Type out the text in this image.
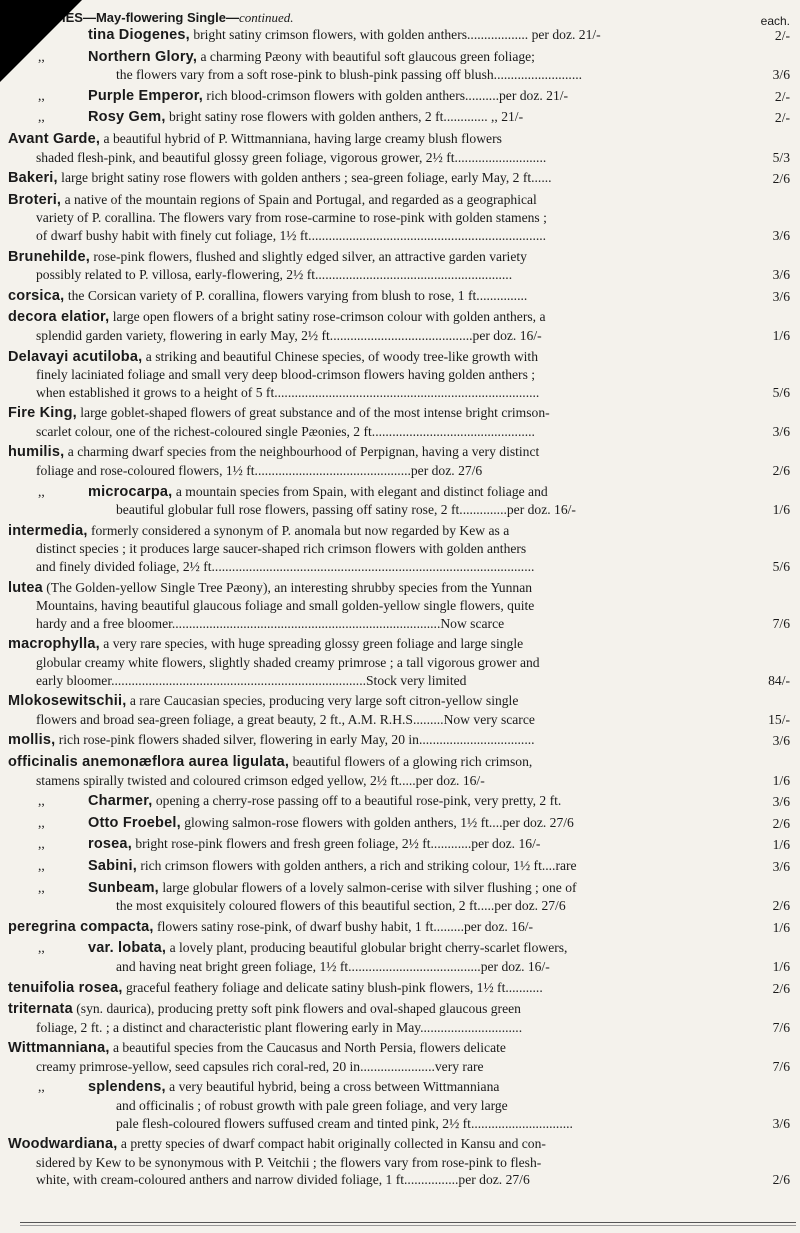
IES—May-flowering Single—continued.	each.
tina Diogenes, bright satiny crimson flowers, with golden anthers.................. per doz. 21/-	2/-
,,	Northern Glory, a charming Pæony with beautiful soft glaucous green foliage;
the flowers vary from a soft rose-pink to blush-pink passing off blush..........................	3/6
,,	Purple Emperor, rich blood-crimson flowers with golden anthers..........per doz. 21/-	2/-
,,	Rosy Gem, bright satiny rose flowers with golden anthers, 2 ft............. ,, 21/-	2/-
Avant Garde, a beautiful hybrid of P. Wittmanniana, having large creamy blush flowers
shaded flesh-pink, and beautiful glossy green foliage, vigorous grower, 2½ ft...........................	5/3
Bakeri, large bright satiny rose flowers with golden anthers ; sea-green foliage, early May, 2 ft......	2/6
Broteri, a native of the mountain regions of Spain and Portugal, and regarded as a geographical
variety of P. corallina. The flowers vary from rose-carmine to rose-pink with golden stamens ;
of dwarf bushy habit with finely cut foliage, 1½ ft......................................................................	3/6
Brunehilde, rose-pink flowers, flushed and slightly edged silver, an attractive garden variety
possibly related to P. villosa, early-flowering, 2½ ft..........................................................	3/6
corsica, the Corsican variety of P. corallina, flowers varying from blush to rose, 1 ft...............	3/6
decora elatior, large open flowers of a bright satiny rose-crimson colour with golden anthers, a
splendid garden variety, flowering in early May, 2½ ft..........................................per doz. 16/-	1/6
Delavayi acutiloba, a striking and beautiful Chinese species, of woody tree-like growth with
finely laciniated foliage and small very deep blood-crimson flowers having golden anthers ;
when established it grows to a height of 5 ft..............................................................................	5/6
Fire King, large goblet-shaped flowers of great substance and of the most intense bright crimson-
scarlet colour, one of the richest-coloured single Pæonies, 2 ft................................................	3/6
humilis, a charming dwarf species from the neighbourhood of Perpignan, having a very distinct
foliage and rose-coloured flowers, 1½ ft..............................................per doz. 27/6	2/6
,,	microcarpa, a mountain species from Spain, with elegant and distinct foliage and
beautiful globular full rose flowers, passing off satiny rose, 2 ft..............per doz. 16/-	1/6
intermedia, formerly considered a synonym of P. anomala but now regarded by Kew as a
distinct species ; it produces large saucer-shaped rich crimson flowers with golden anthers
and finely divided foliage, 2½ ft...............................................................................................	5/6
lutea (The Golden-yellow Single Tree Pæony), an interesting shrubby species from the Yunnan
Mountains, having beautiful glaucous foliage and small golden-yellow single flowers, quite
hardy and a free bloomer...............................................................................Now scarce	7/6
macrophylla, a very rare species, with huge spreading glossy green foliage and large single
globular creamy white flowers, slightly shaded creamy primrose ; a tall vigorous grower and
early bloomer...........................................................................Stock very limited	84/-
Mlokosewitschii, a rare Caucasian species, producing very large soft citron-yellow single
flowers and broad sea-green foliage, a great beauty, 2 ft., A.M. R.H.S.........Now very scarce	15/-
mollis, rich rose-pink flowers shaded silver, flowering in early May, 20 in..................................	3/6
officinalis anemonæflora aurea ligulata, beautiful flowers of a glowing rich crimson,
stamens spirally twisted and coloured crimson edged yellow, 2½ ft.....per doz. 16/-	1/6
,,	Charmer, opening a cherry-rose passing off to a beautiful rose-pink, very pretty, 2 ft.	3/6
,,	Otto Froebel, glowing salmon-rose flowers with golden anthers, 1½ ft....per doz. 27/6	2/6
,,	rosea, bright rose-pink flowers and fresh green foliage, 2½ ft............per doz. 16/-	1/6
,,	Sabini, rich crimson flowers with golden anthers, a rich and striking colour, 1½ ft....rare	3/6
,,	Sunbeam, large globular flowers of a lovely salmon-cerise with silver flushing ; one of
the most exquisitely coloured flowers of this beautiful section, 2 ft.....per doz. 27/6	2/6
peregrina compacta, flowers satiny rose-pink, of dwarf bushy habit, 1 ft.........per doz. 16/-	1/6
,,	var. lobata, a lovely plant, producing beautiful globular bright cherry-scarlet flowers,
and having neat bright green foliage, 1½ ft.......................................per doz. 16/-	1/6
tenuifolia rosea, graceful feathery foliage and delicate satiny blush-pink flowers, 1½ ft...........	2/6
triternata (syn. daurica), producing pretty soft pink flowers and oval-shaped glaucous green
foliage, 2 ft. ; a distinct and characteristic plant flowering early in May..............................	7/6
Wittmanniana, a beautiful species from the Caucasus and North Persia, flowers delicate
creamy primrose-yellow, seed capsules rich coral-red, 20 in......................very rare	7/6
,,	splendens, a very beautiful hybrid, being a cross between Wittmanniana
and officinalis ; of robust growth with pale green foliage, and very large
pale flesh-coloured flowers suffused cream and tinted pink, 2½ ft..............................	3/6
Woodwardiana, a pretty species of dwarf compact habit originally collected in Kansu and con-
sidered by Kew to be synonymous with P. Veitchii ; the flowers vary from rose-pink to flesh-
white, with cream-coloured anthers and narrow divided foliage, 1 ft................per doz. 27/6	2/6
